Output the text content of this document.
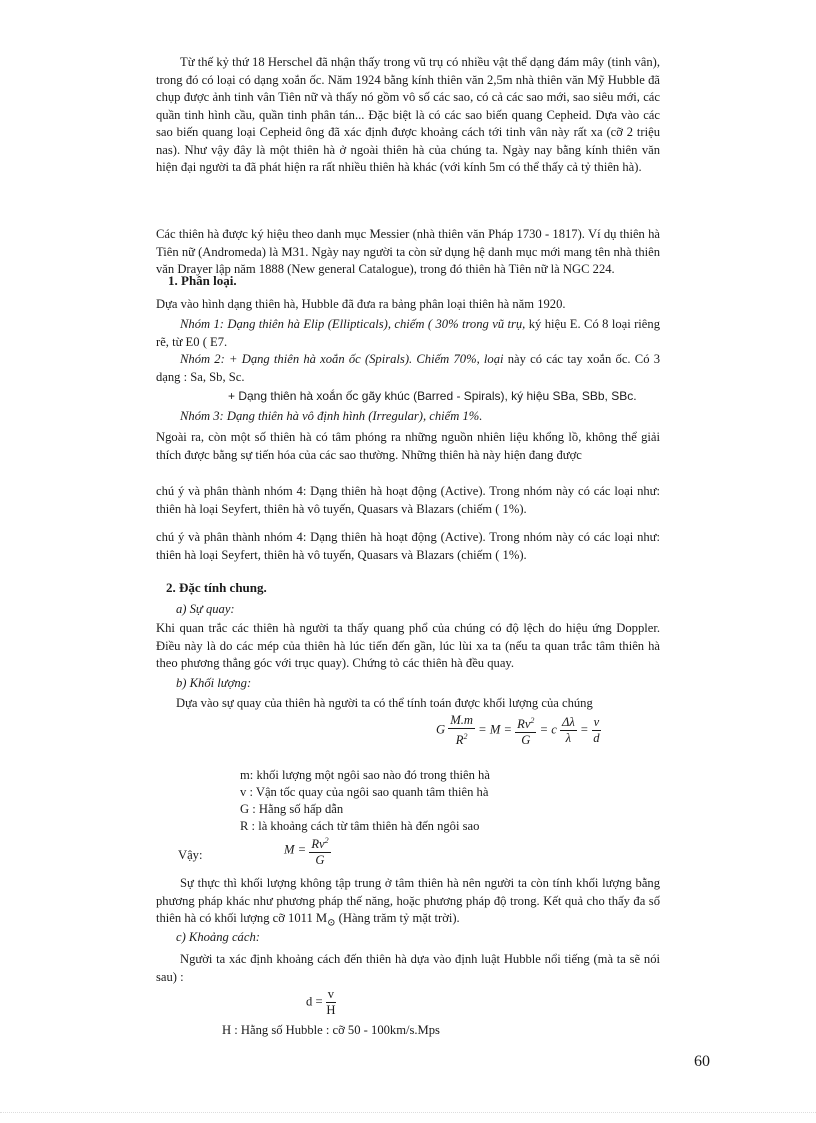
Từ thế kỷ thứ 18 Herschel đã nhận thấy trong vũ trụ có nhiều vật thể dạng đám mây (tinh vân), trong đó có loại có dạng xoắn ốc. Năm 1924 bằng kính thiên văn 2,5m nhà thiên văn Mỹ Hubble đã chụp được ảnh tinh vân Tiên nữ và thấy nó gồm vô số các sao, có cả các sao mới, sao siêu mới, các quần tinh hình cầu, quần tinh phân tán... Đặc biệt là có các sao biến quang Cepheid. Dựa vào các sao biến quang loại Cepheid ông đã xác định được khoảng cách tới tinh vân này rất xa (cỡ 2 triệu nas). Như vậy đây là một thiên hà ở ngoài thiên hà của chúng ta. Ngày nay bằng kính thiên văn hiện đại người ta đã phát hiện ra rất nhiều thiên hà khác (với kính 5m có thể thấy cả tỷ thiên hà).
Các thiên hà được ký hiệu theo danh mục Messier (nhà thiên văn Pháp 1730 - 1817). Ví dụ thiên hà Tiên nữ (Andromeda) là M31. Ngày nay người ta còn sử dụng hệ danh mục mới mang tên nhà thiên văn Drayer lập năm 1888 (New general Catalogue), trong đó thiên hà Tiên nữ là NGC 224.
1. Phân loại.
Dựa vào hình dạng thiên hà, Hubble đã đưa ra bảng phân loại thiên hà năm 1920.
Nhóm 1: Dạng thiên hà Elip (Ellipticals), chiếm ( 30% trong vũ trụ, ký hiệu E. Có 8 loại riêng rẽ, từ E0 ( E7.
Nhóm 2: + Dạng thiên hà xoắn ốc (Spirals). Chiếm 70%, loại này có các tay xoắn ốc. Có 3 dạng : Sa, Sb, Sc.
+ Dạng thiên hà xoắn ốc gãy khúc (Barred - Spirals), ký hiệu SBa, SBb, SBc.
Nhóm 3: Dạng thiên hà vô định hình (Irregular), chiếm 1%.
Ngoài ra, còn một số thiên hà có tâm phóng ra những nguồn nhiên liệu khổng lồ, không thể giải thích được bằng sự tiến hóa của các sao thường. Những thiên hà này hiện đang được
chú ý và phân thành nhóm 4: Dạng thiên hà hoạt động (Active). Trong nhóm này có các loại như: thiên hà loại Seyfert, thiên hà vô tuyến, Quasars và Blazars (chiếm ( 1%).
chú ý và phân thành nhóm 4: Dạng thiên hà hoạt động (Active). Trong nhóm này có các loại như: thiên hà loại Seyfert, thiên hà vô tuyến, Quasars và Blazars (chiếm ( 1%).
2. Đặc tính chung.
a) Sự quay:
Khi quan trắc các thiên hà người ta thấy quang phổ của chúng có độ lệch do hiệu ứng Doppler. Điều này là do các mép của thiên hà lúc tiến đến gần, lúc lùi xa ta (nếu ta quan trắc tâm thiên hà theo phương thẳng góc với trục quay). Chứng tỏ các thiên hà đều quay.
b) Khối lượng:
Dựa vào sự quay của thiên hà người ta có thể tính toán được khối lượng của chúng
G $\frac{M.m}{R^2} = M = \frac{Rv^2}{G} = c \frac{\Delta\lambda}{\lambda} = \frac{v}{d}$
m: khối lượng một ngôi sao nào đó trong thiên hà
v : Vận tốc quay của ngôi sao quanh tâm thiên hà
G : Hằng số hấp dẫn
R : là khoảng cách từ tâm thiên hà đến ngôi sao
Vậy:	$M = \frac{Rv^2}{G}$
Sự thực thì khối lượng không tập trung ở tâm thiên hà nên người ta còn tính khối lượng bằng phương pháp khác như phương pháp thế năng, hoặc phương pháp độ trong. Kết quả cho thấy đa số thiên hà có khối lượng cỡ 1011 $M_⊙$ (Hàng trăm tỷ mặt trời).
c) Khoảng cách:
Người ta xác định khoảng cách đến thiên hà dựa vào định luật Hubble nổi tiếng (mà ta sẽ nói sau) :
$d = \frac{v}{H}$
H : Hằng số Hubble : cỡ 50 - 100km/s.Mps
60
